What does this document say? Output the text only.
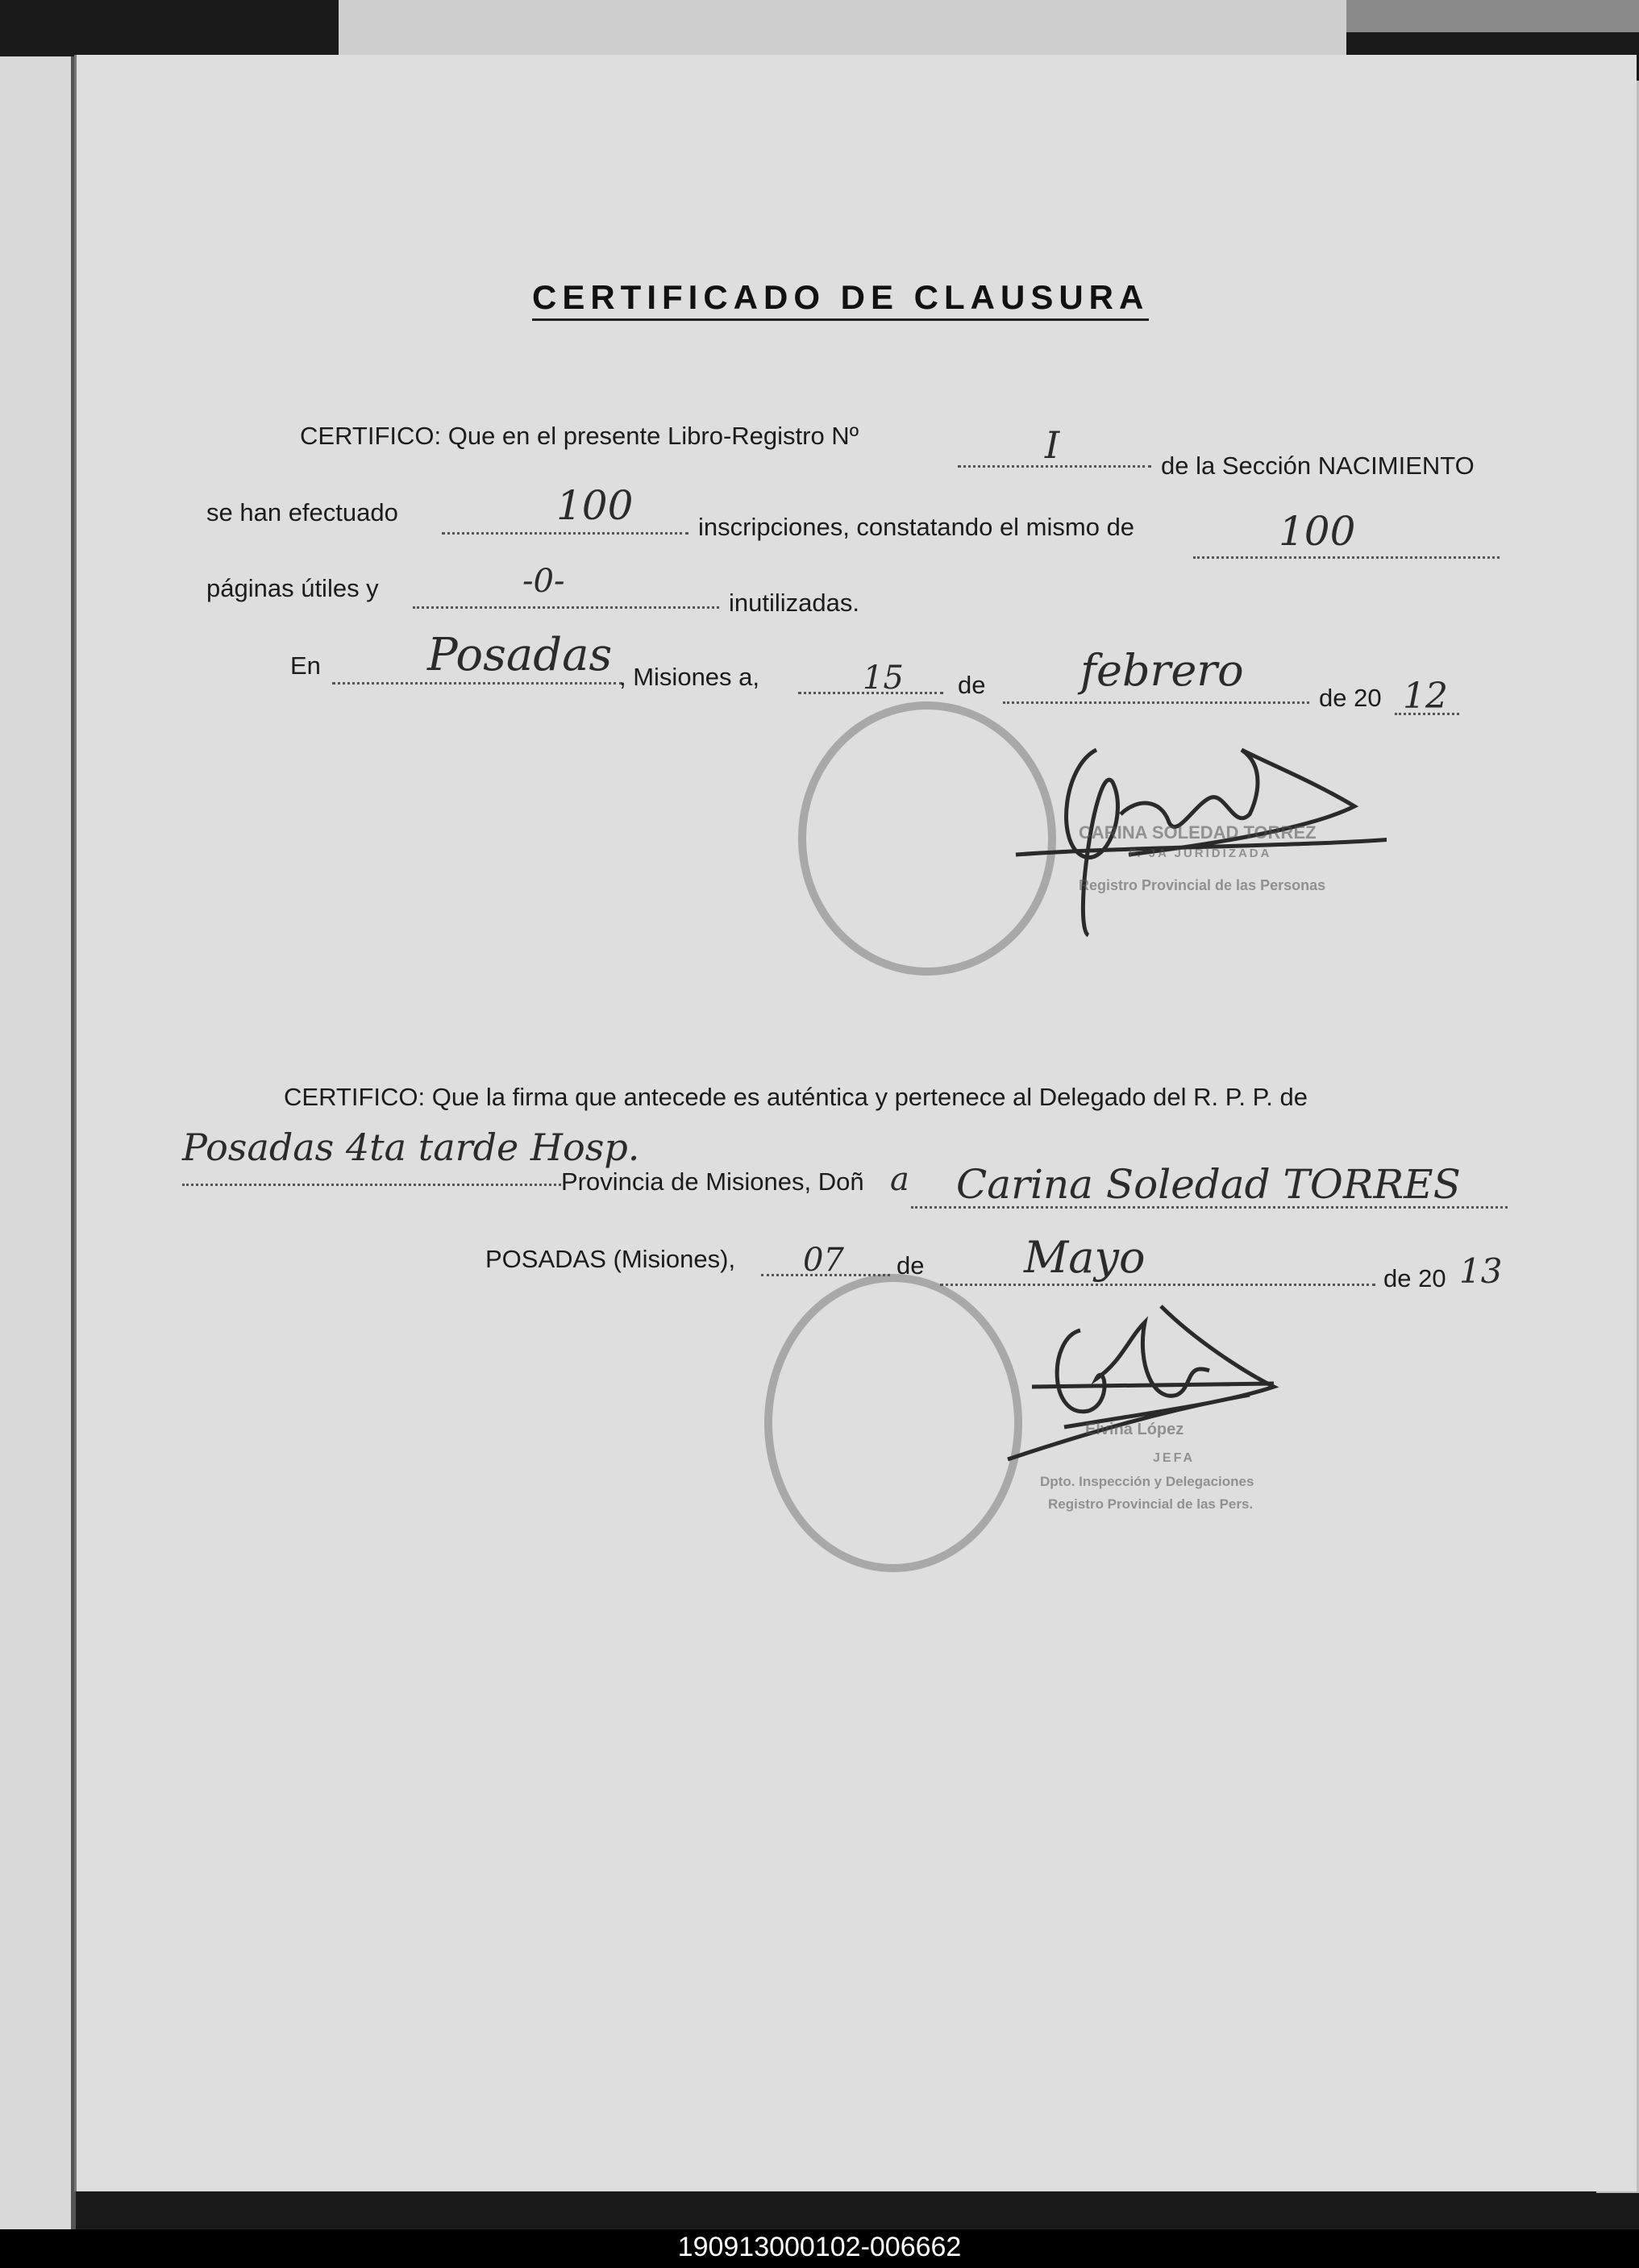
CERTIFICADO DE CLAUSURA
CERTIFICO: Que en el presente Libro-Registro Nº	I	de la Sección NACIMIENTO
se han efectuado	100	inscripciones, constatando el mismo de	100
páginas útiles y	-0-
inutilizadas.
En Posadas , Misiones a,	15 de febrero
de 20 12
CARINA SOLEDAD TORREZ
F. JA JURIDIZADA
Registro Provincial de las Personas
CERTIFICO: Que la firma que antecede es auténtica y pertenece al Delegado del R. P. P. de
Posadas 4ta tarde Hosp.
Provincia de Misiones, Doñ a Carina Soledad TORRES
POSADAS (Misiones), 07 de Mayo	de 20 13
Elvina López
JEFA
Dpto. Inspección y Delegaciones
Registro Provincial de las Pers.
190913000102-006662
